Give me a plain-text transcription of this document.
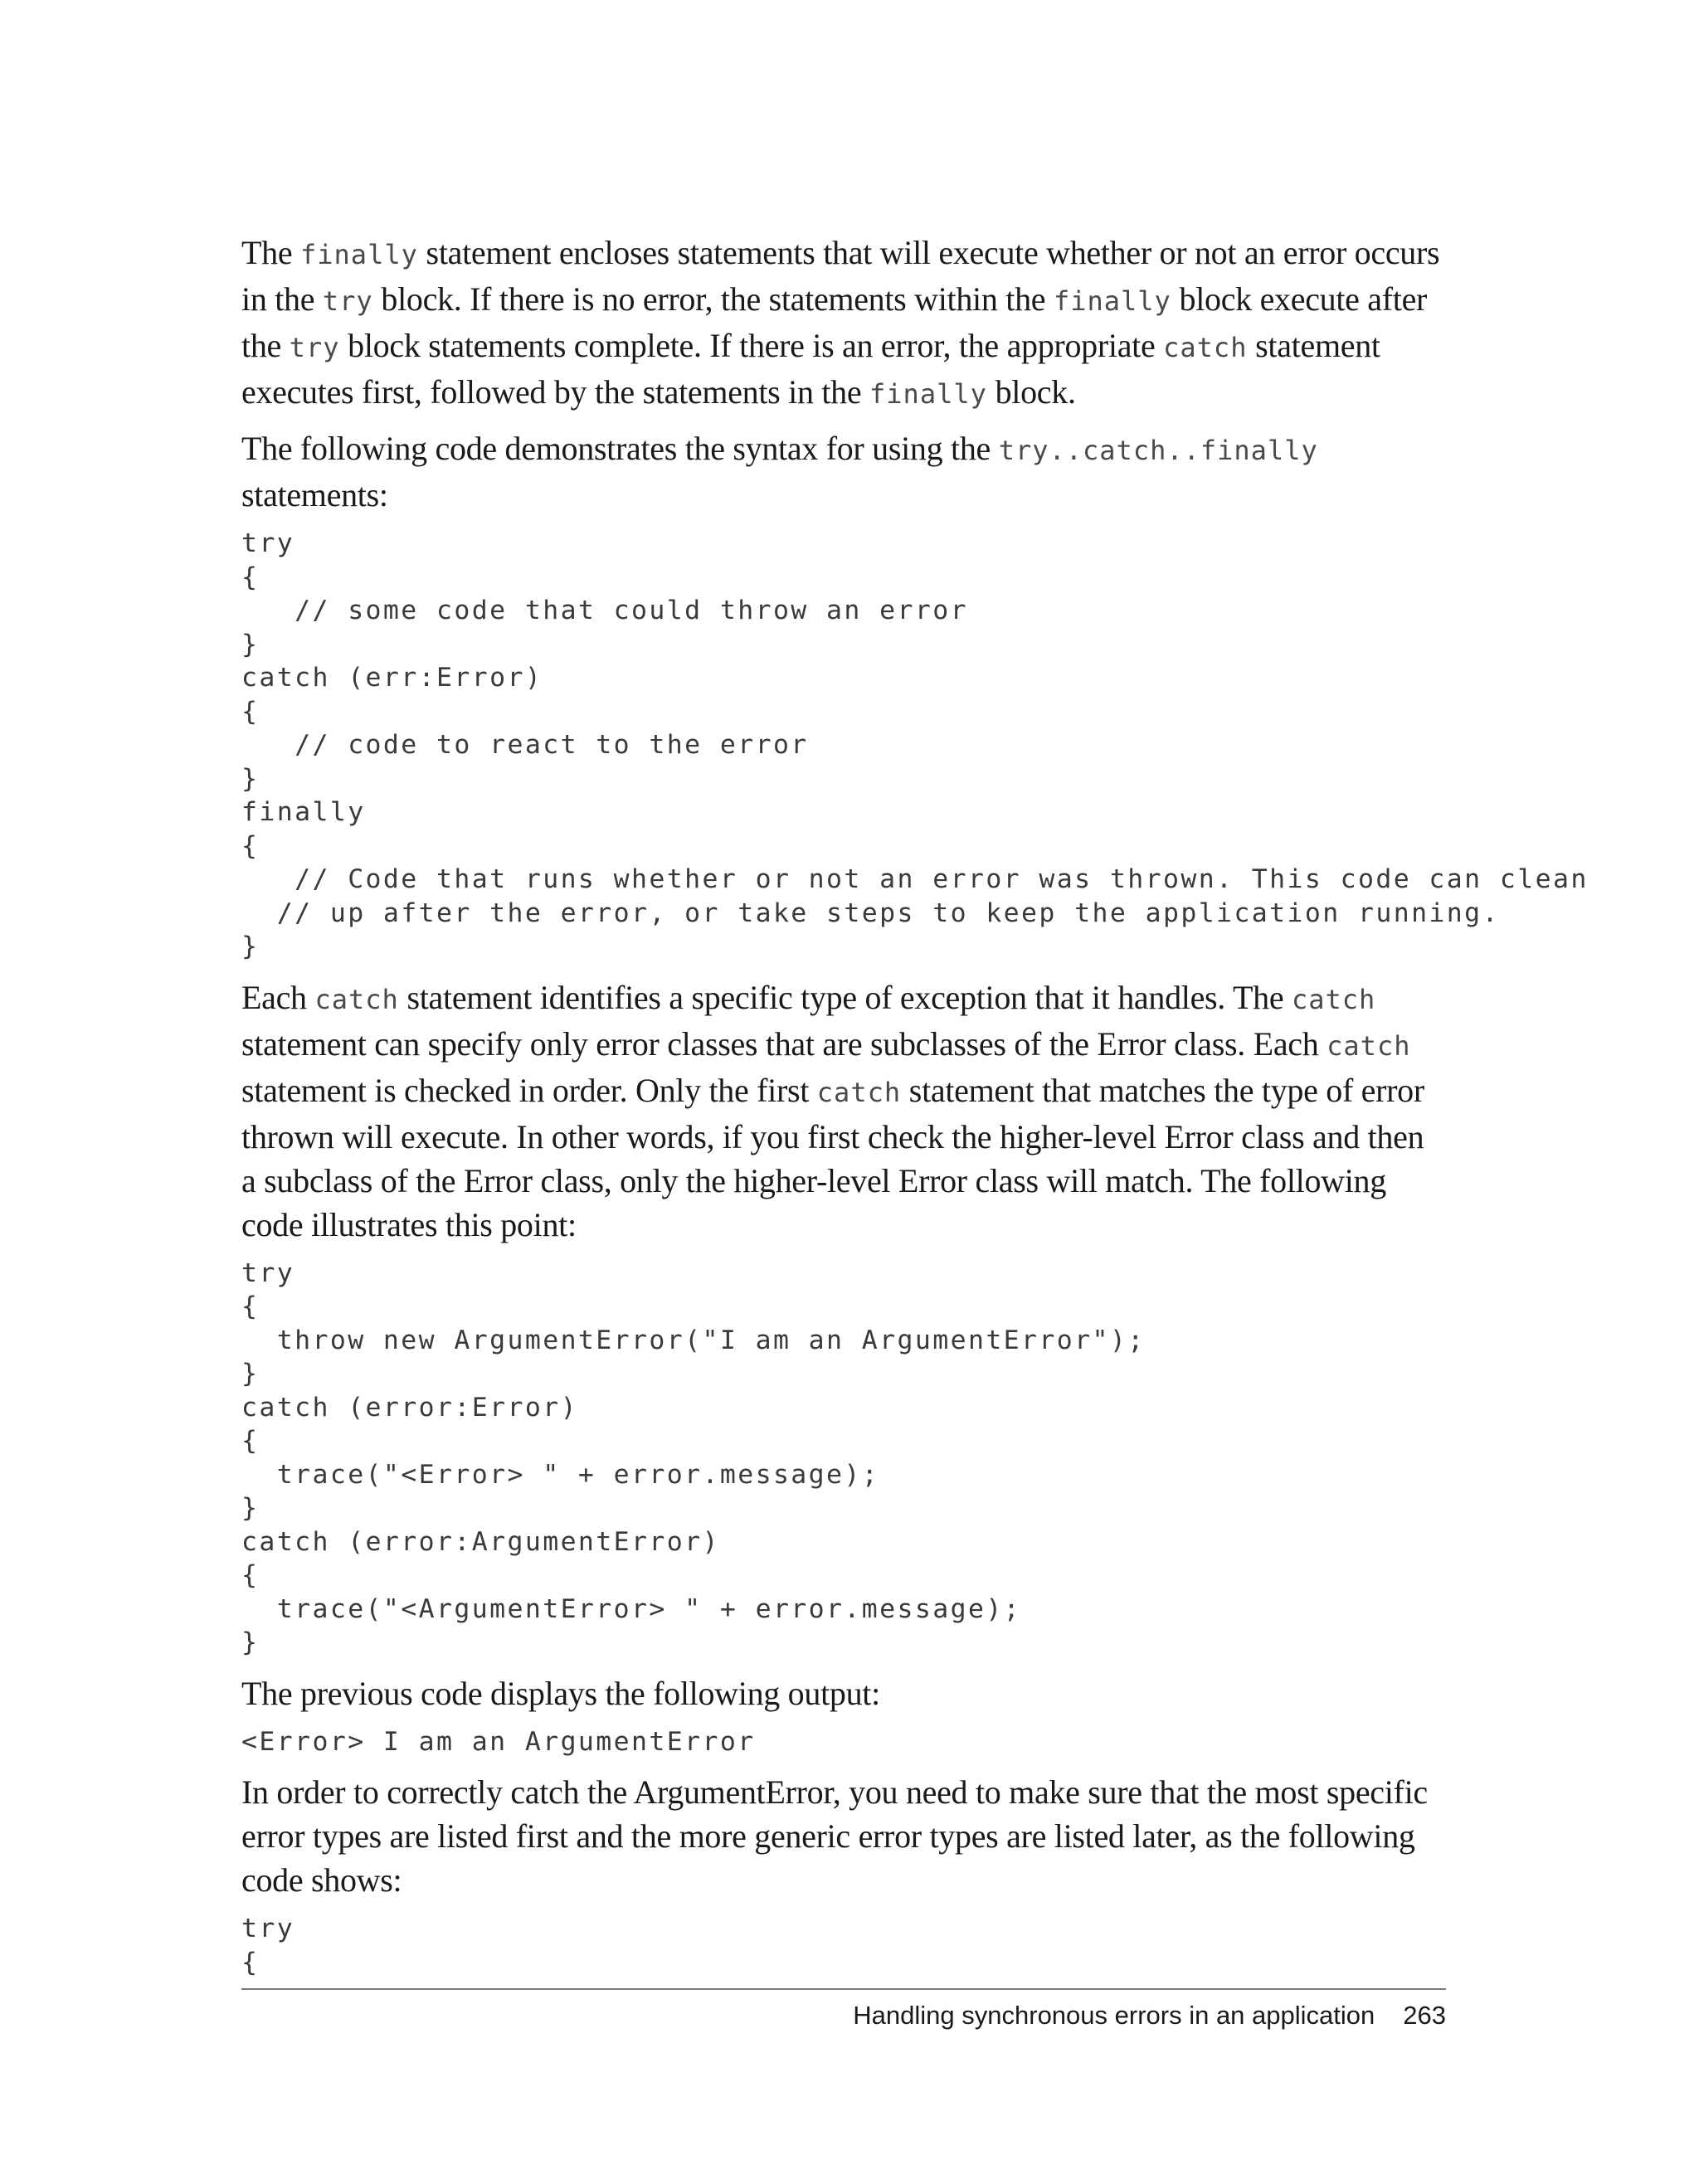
The finally statement encloses statements that will execute whether or not an error occurs in the try block. If there is no error, the statements within the finally block execute after the try block statements complete. If there is an error, the appropriate catch statement executes first, followed by the statements in the finally block.

The following code demonstrates the syntax for using the try..catch..finally statements:

try
{
// some code that could throw an error
}
catch (err:Error)
{
// code to react to the error
}
finally
{
// Code that runs whether or not an error was thrown. This code can clean
// up after the error, or take steps to keep the application running.
}

Each catch statement identifies a specific type of exception that it handles. The catch statement can specify only error classes that are subclasses of the Error class. Each catch statement is checked in order. Only the first catch statement that matches the type of error thrown will execute. In other words, if you first check the higher-level Error class and then a subclass of the Error class, only the higher-level Error class will match. The following code illustrates this point:

try
{
throw new ArgumentError("I am an ArgumentError");
}
catch (error:Error)
{
trace("<Error> " + error.message);
}
catch (error:ArgumentError)
{
trace("<ArgumentError> " + error.message);
}

The previous code displays the following output:

<Error> I am an ArgumentError

In order to correctly catch the ArgumentError, you need to make sure that the most specific error types are listed first and the more generic error types are listed later, as the following code shows:

try
{
Handling synchronous errors in an application 263
